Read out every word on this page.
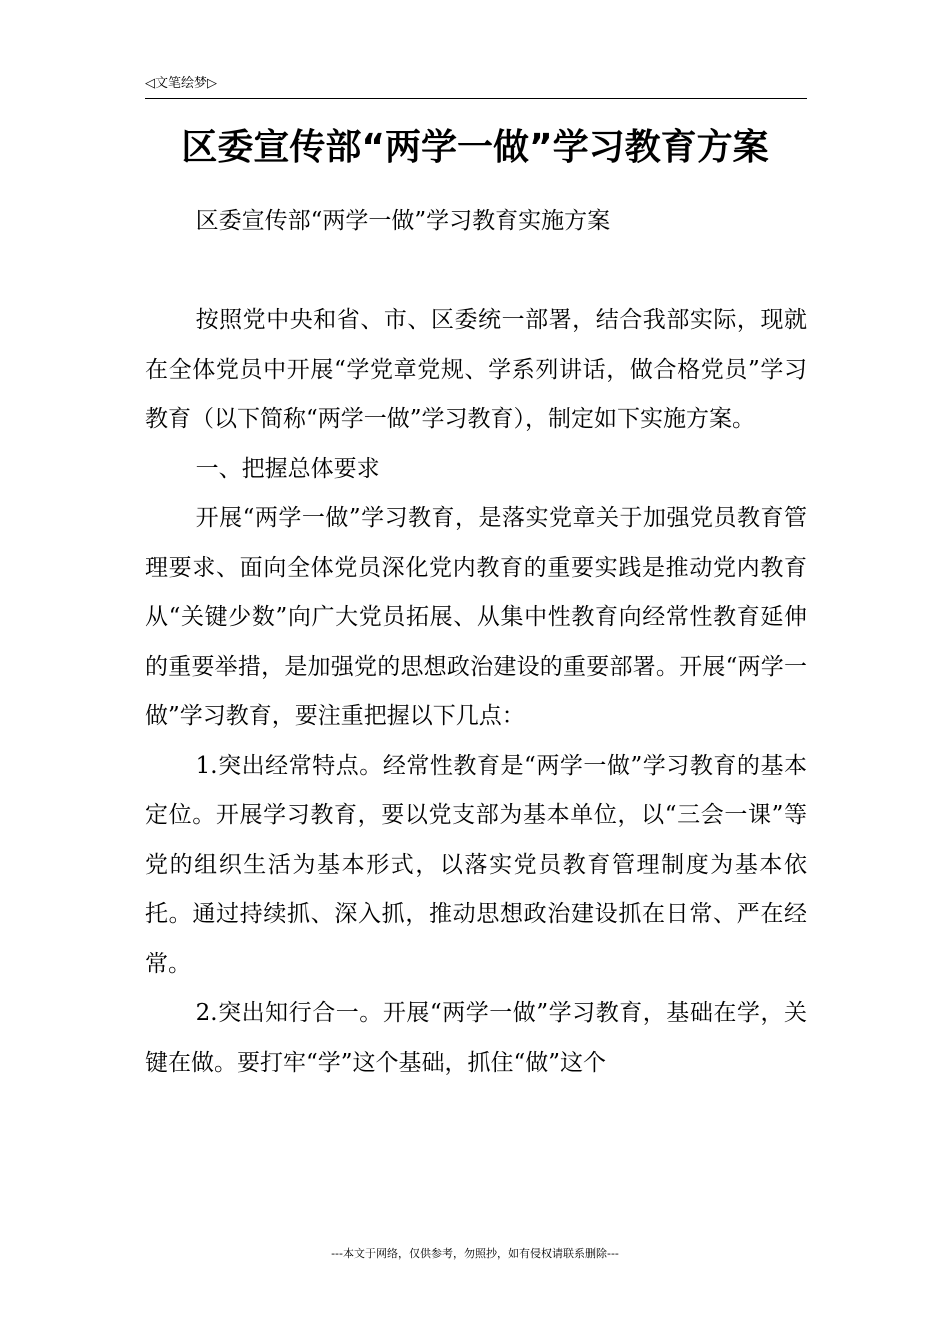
◁文笔绘梦▷
区委宣传部“两学一做”学习教育方案

区委宣传部“两学一做”学习教育实施方案

按照党中央和省、市、区委统一部署，结合我部实际，现就在全体党员中开展“学党章党规、学系列讲话，做合格党员”学习教育（以下简称“两学一做”学习教育），制定如下实施方案。

一、把握总体要求

开展“两学一做”学习教育，是落实党章关于加强党员教育管理要求、面向全体党员深化党内教育的重要实践是推动党内教育从“关键少数”向广大党员拓展、从集中性教育向经常性教育延伸的重要举措，是加强党的思想政治建设的重要部署。开展“两学一做”学习教育，要注重把握以下几点：

1.突出经常特点。经常性教育是“两学一做”学习教育的基本定位。开展学习教育，要以党支部为基本单位，以“三会一课”等党的组织生活为基本形式，以落实党员教育管理制度为基本依托。通过持续抓、深入抓，推动思想政治建设抓在日常、严在经常。

2.突出知行合一。开展“两学一做”学习教育，基础在学，关键在做。要打牢“学”这个基础，抓住“做”这个

---本文于网络，仅供参考，勿照抄，如有侵权请联系删除---
